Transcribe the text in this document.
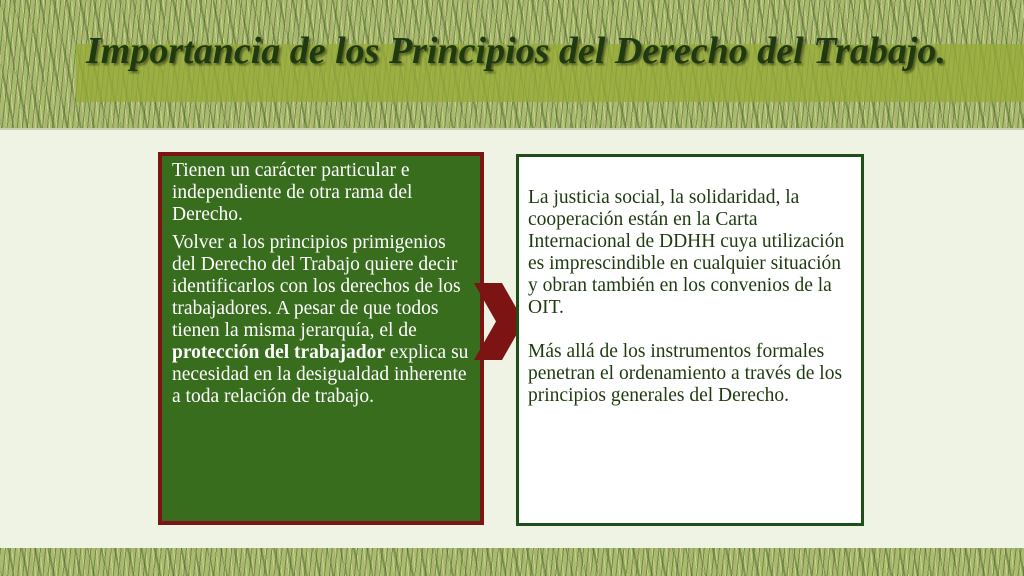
Importancia de los Principios del Derecho del Trabajo.

Tienen un carácter particular e independiente de otra rama del Derecho.

Volver a los principios primigenios del Derecho del Trabajo quiere decir identificarlos con los derechos de los trabajadores. A pesar de que todos tienen la misma jerarquía, el de protección del trabajador explica su necesidad en la desigualdad inherente a toda relación de trabajo.

La justicia social, la solidaridad, la cooperación están en la Carta Internacional de DDHH cuya utilización es imprescindible en cualquier situación y obran también en los convenios de la OIT.

Más allá de los instrumentos formales penetran el ordenamiento a través de los principios generales del Derecho.
